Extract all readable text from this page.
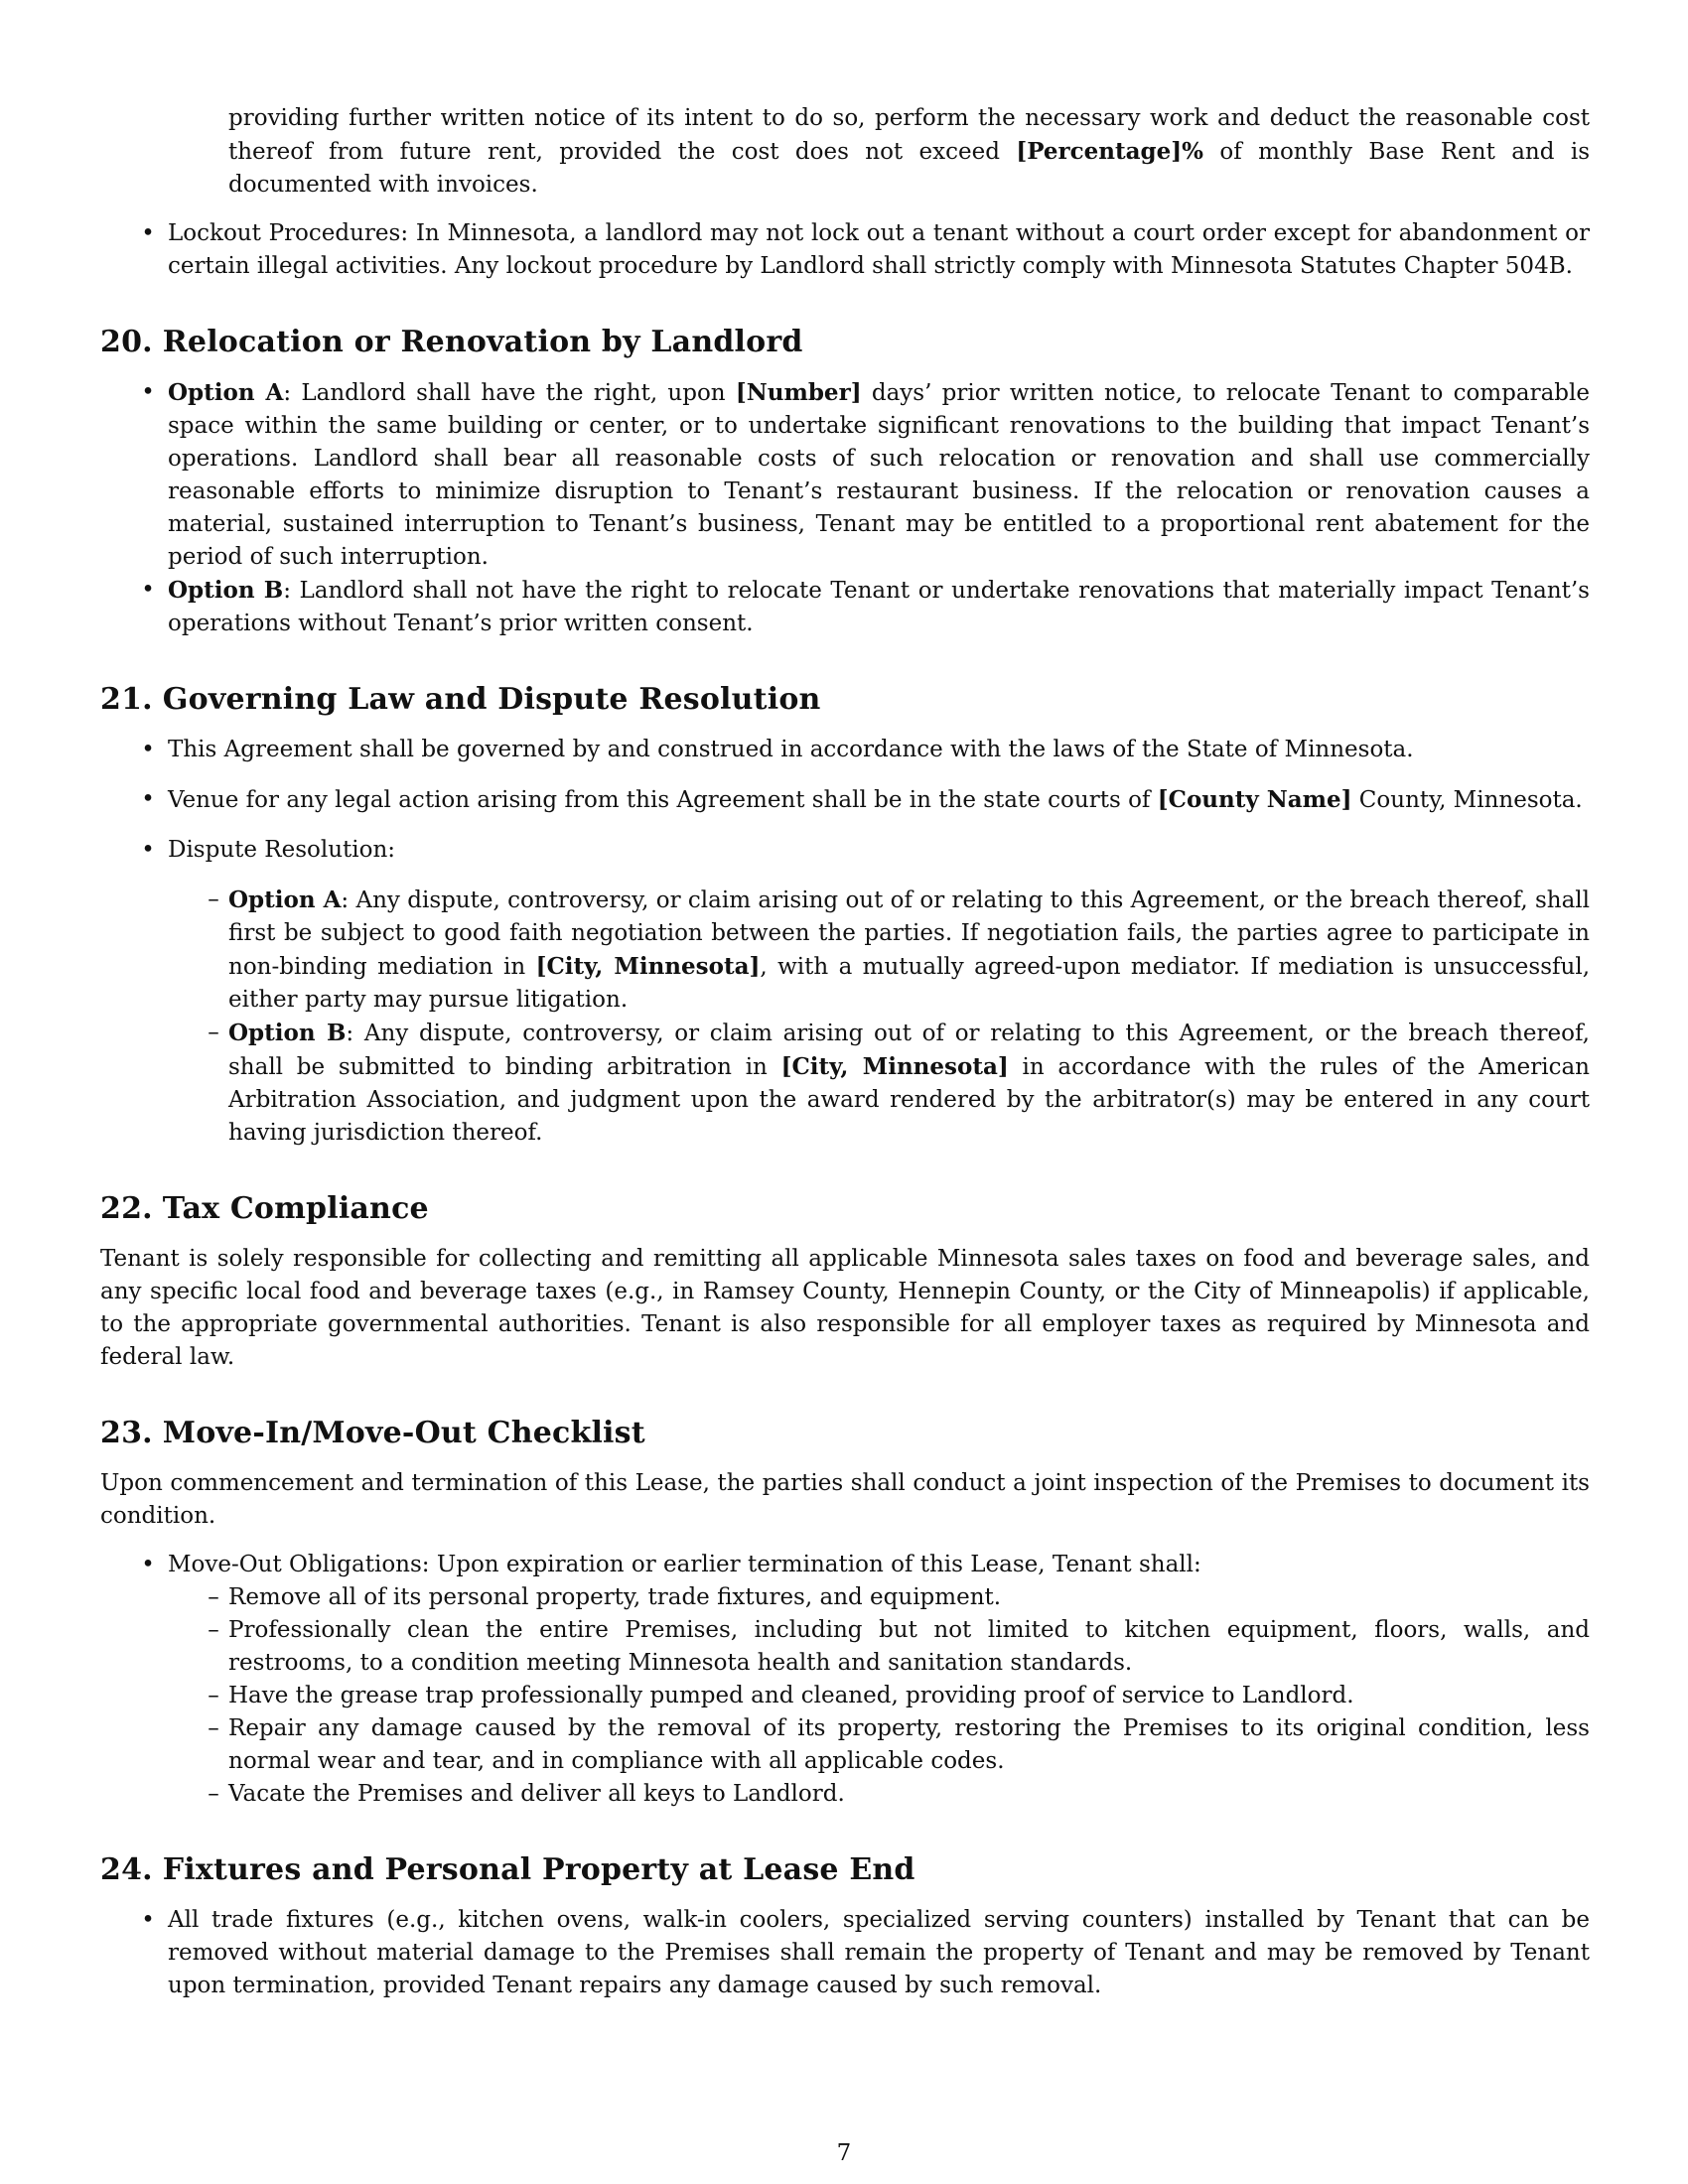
providing further written notice of its intent to do so, perform the necessary work and deduct the reasonable cost thereof from future rent, provided the cost does not exceed [Percentage]% of monthly Base Rent and is documented with invoices.

• Lockout Procedures: In Minnesota, a landlord may not lock out a tenant without a court order except for abandonment or certain illegal activities. Any lockout procedure by Landlord shall strictly comply with Minnesota Statutes Chapter 504B.
20. Relocation or Renovation by Landlord
• Option A: Landlord shall have the right, upon [Number] days’ prior written notice, to relocate Tenant to comparable space within the same building or center, or to undertake significant renovations to the building that impact Tenant’s operations. Landlord shall bear all reasonable costs of such relocation or renovation and shall use commercially reasonable efforts to minimize disruption to Tenant’s restaurant business. If the relocation or renovation causes a material, sustained interruption to Tenant’s business, Tenant may be entitled to a proportional rent abatement for the period of such interruption.
• Option B: Landlord shall not have the right to relocate Tenant or undertake renovations that materially impact Tenant’s operations without Tenant’s prior written consent.
21. Governing Law and Dispute Resolution
• This Agreement shall be governed by and construed in accordance with the laws of the State of Minnesota.
• Venue for any legal action arising from this Agreement shall be in the state courts of [County Name] County, Minnesota.
• Dispute Resolution:
– Option A: Any dispute, controversy, or claim arising out of or relating to this Agreement, or the breach thereof, shall first be subject to good faith negotiation between the parties. If negotiation fails, the parties agree to participate in non-binding mediation in [City, Minnesota], with a mutually agreed-upon mediator. If mediation is unsuccessful, either party may pursue litigation.
– Option B: Any dispute, controversy, or claim arising out of or relating to this Agreement, or the breach thereof, shall be submitted to binding arbitration in [City, Minnesota] in accordance with the rules of the American Arbitration Association, and judgment upon the award rendered by the arbitrator(s) may be entered in any court having jurisdiction thereof.
22. Tax Compliance

Tenant is solely responsible for collecting and remitting all applicable Minnesota sales taxes on food and beverage sales, and any specific local food and beverage taxes (e.g., in Ramsey County, Hennepin County, or the City of Minneapolis) if applicable, to the appropriate governmental authorities. Tenant is also responsible for all employer taxes as required by Minnesota and federal law.

23. Move-In/Move-Out Checklist

Upon commencement and termination of this Lease, the parties shall conduct a joint inspection of the Premises to document its condition.

• Move-Out Obligations: Upon expiration or earlier termination of this Lease, Tenant shall:
– Remove all of its personal property, trade fixtures, and equipment.
– Professionally clean the entire Premises, including but not limited to kitchen equipment, floors, walls, and restrooms, to a condition meeting Minnesota health and sanitation standards.
– Have the grease trap professionally pumped and cleaned, providing proof of service to Landlord.
– Repair any damage caused by the removal of its property, restoring the Premises to its original condition, less normal wear and tear, and in compliance with all applicable codes.
– Vacate the Premises and deliver all keys to Landlord.
24. Fixtures and Personal Property at Lease End
• All trade fixtures (e.g., kitchen ovens, walk-in coolers, specialized serving counters) installed by Tenant that can be removed without material damage to the Premises shall remain the property of Tenant and may be removed by Tenant upon termination, provided Tenant repairs any damage caused by such removal.
7
